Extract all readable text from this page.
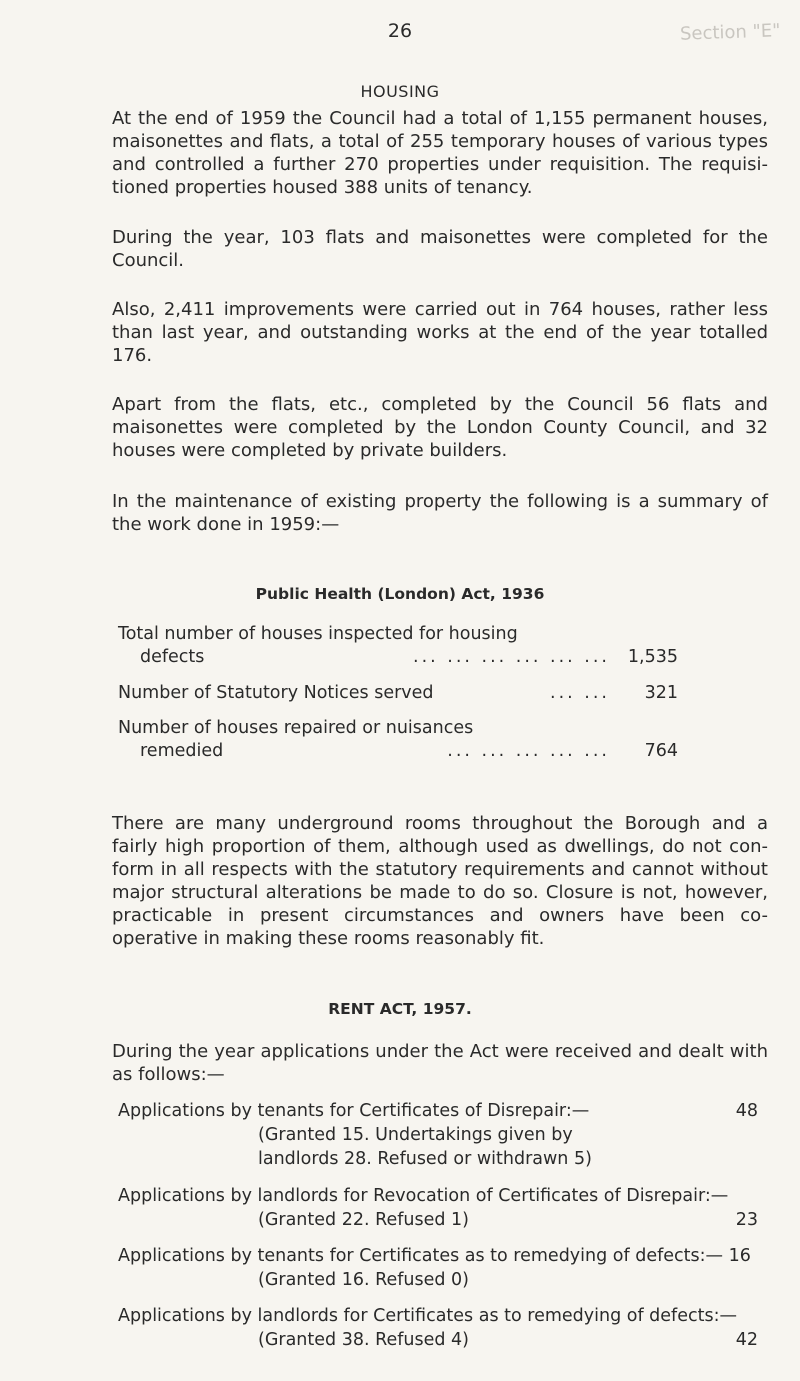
Section "E"
26
HOUSING

At the end of 1959 the Council had a total of 1,155 permanent houses, maisonettes and flats, a total of 255 temporary houses of various types and controlled a further 270 properties under requisition. The requisi- tioned properties housed 388 units of tenancy.

During the year, 103 flats and maisonettes were completed for the Council.

Also, 2,411 improvements were carried out in 764 houses, rather less than last year, and outstanding works at the end of the year totalled 176.

Apart from the flats, etc., completed by the Council 56 flats and maisonettes were completed by the London County Council, and 32 houses were completed by private builders.

In the maintenance of existing property the following is a summary of the work done in 1959:—

Public Health (London) Act, 1936
Total number of houses inspected for housing
defects	... ... ... ... ... ...	1,535
Number of Statutory Notices served	... ...	321
Number of houses repaired or nuisances
remedied	... ... ... ... ...	764

There are many underground rooms throughout the Borough and a fairly high proportion of them, although used as dwellings, do not con- form in all respects with the statutory requirements and cannot without major structural alterations be made to do so. Closure is not, however, practicable in present circumstances and owners have been co-operative in making these rooms reasonably fit.

RENT ACT, 1957.

During the year applications under the Act were received and dealt with as follows:—

Applications by tenants for Certificates of Disrepair:—	48
(Granted 15. Undertakings given by
landlords 28. Refused or withdrawn 5)
Applications by landlords for Revocation of Certificates of Disrepair:—
(Granted 22. Refused 1)	23
Applications by tenants for Certificates as to remedying of defects:— 16
(Granted 16. Refused 0)
Applications by landlords for Certificates as to remedying of defects:—
(Granted 38. Refused 4)	42
